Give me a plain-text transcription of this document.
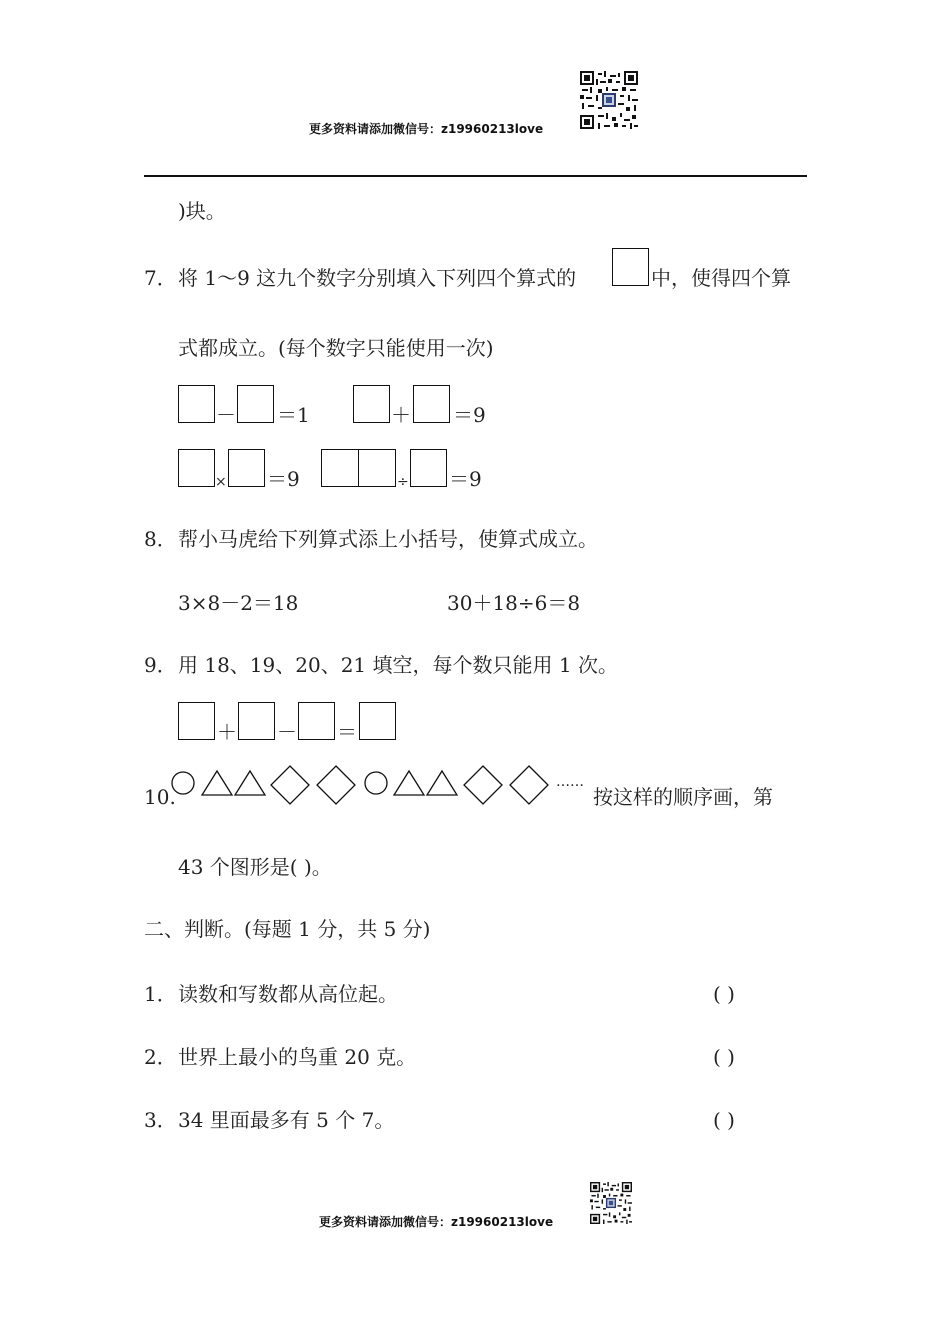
更多资料请添加微信号：z19960213love
)块。
7． 将 1～9 这九个数字分别填入下列四个算式的	中，使得四个算
式都成立。(每个数字只能使用一次)
－ ＝1	＋ ＝9
× ＝9	÷ ＝9
8． 帮小马虎给下列算式添上小括号，使算式成立。
3×8－2＝18	30＋18÷6＝8
9． 用 18、19、20、21 填空，每个数只能用 1 次。
＋ － ＝
10.
……
按这样的顺序画，第
43 个图形是( )。
二、判断。(每题 1 分，共 5 分)
1． 读数和写数都从高位起。	( )
2． 世界上最小的鸟重 20 克。	( )
3． 34 里面最多有 5 个 7。	( )
更多资料请添加微信号：z19960213love
